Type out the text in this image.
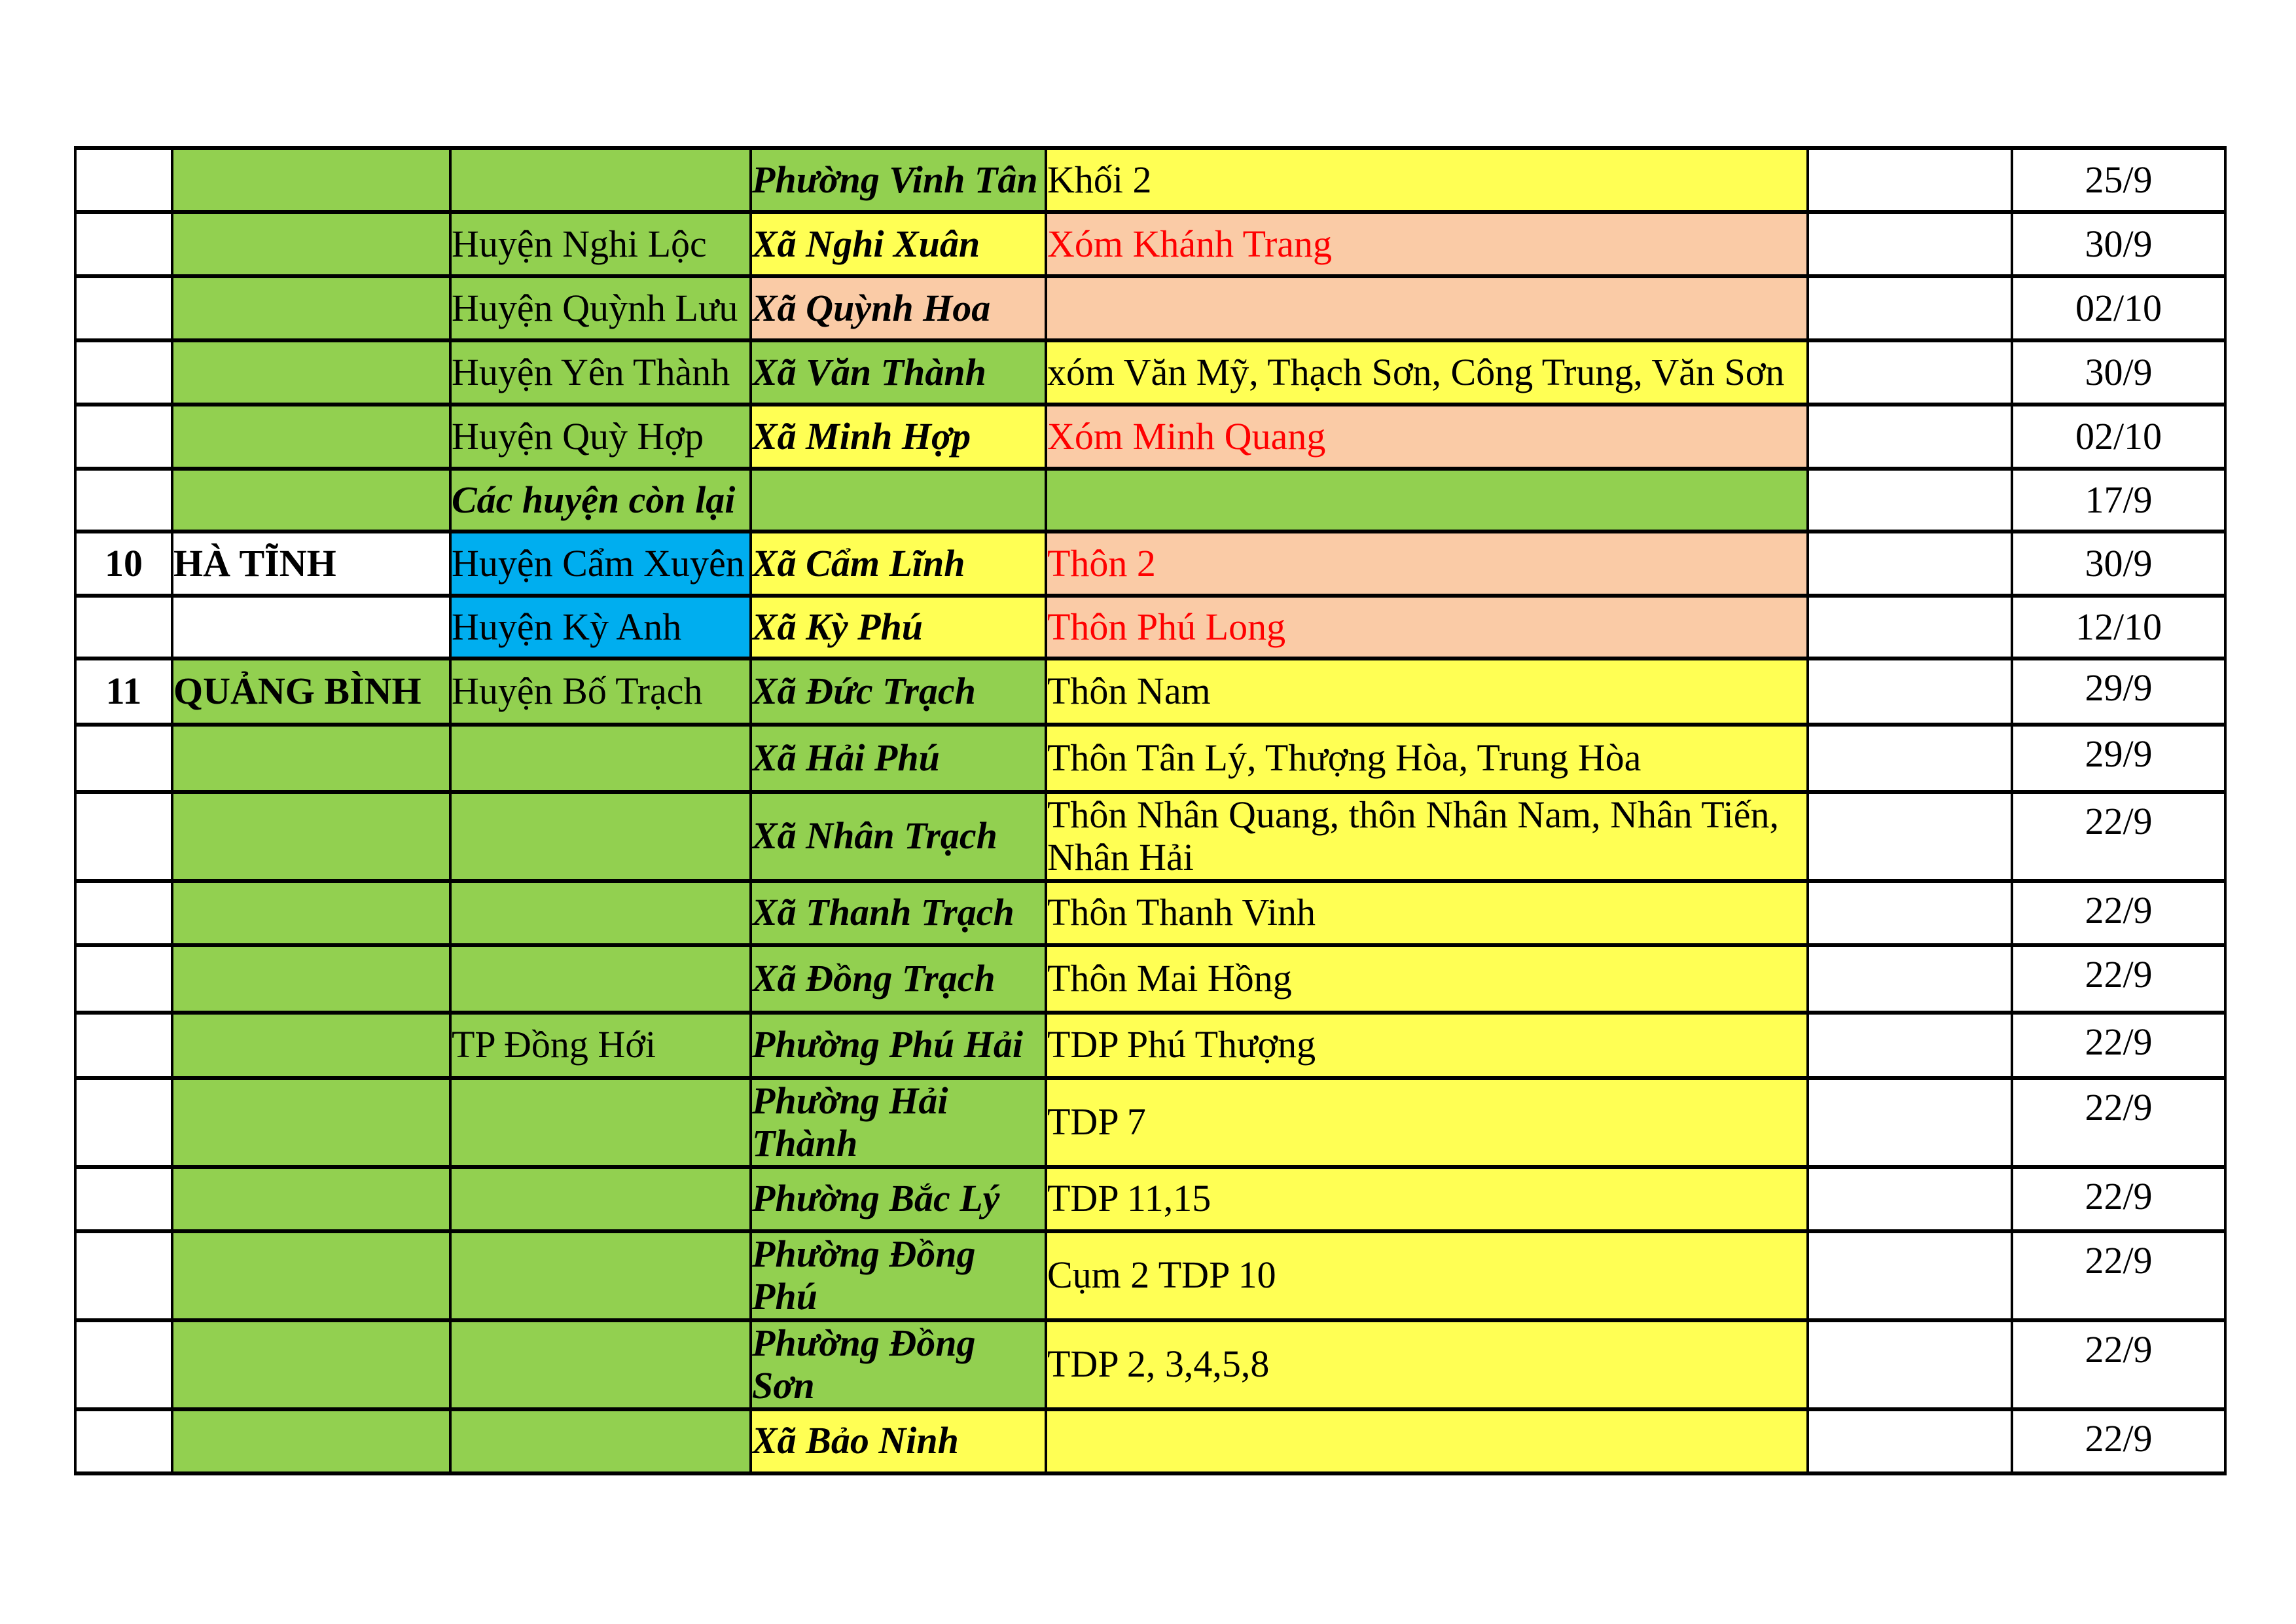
			Phường Vinh Tân	Khối 2		25/9
		Huyện Nghi Lộc	Xã Nghi Xuân	Xóm Khánh Trang		30/9
		Huyện Quỳnh Lưu	Xã Quỳnh Hoa			02/10
		Huyện Yên Thành	Xã Văn Thành	xóm Văn Mỹ, Thạch Sơn, Công Trung, Văn Sơn		30/9
		Huyện Quỳ Hợp	Xã Minh Hợp	Xóm Minh Quang		02/10
		Các huyện còn lại				17/9
10	HÀ TĨNH	Huyện Cẩm Xuyên	Xã Cẩm Lĩnh	Thôn 2		30/9
		Huyện Kỳ Anh	Xã Kỳ Phú	Thôn Phú Long		12/10
11	QUẢNG BÌNH	Huyện Bố Trạch	Xã Đức Trạch	Thôn Nam		29/9
			Xã Hải Phú	Thôn Tân Lý, Thượng Hòa, Trung Hòa		29/9
			Xã Nhân Trạch	Thôn Nhân Quang, thôn Nhân Nam, Nhân Tiến, Nhân Hải		22/9
			Xã Thanh Trạch	Thôn Thanh Vinh		22/9
			Xã Đồng Trạch	Thôn Mai Hồng		22/9
		TP Đồng Hới	Phường Phú Hải	TDP Phú Thượng		22/9
			Phường Hải Thành	TDP 7		22/9
			Phường Bắc Lý	TDP 11,15		22/9
			Phường Đồng Phú	Cụm 2 TDP 10		22/9
			Phường Đồng Sơn	TDP 2, 3,4,5,8		22/9
			Xã Bảo Ninh			22/9
